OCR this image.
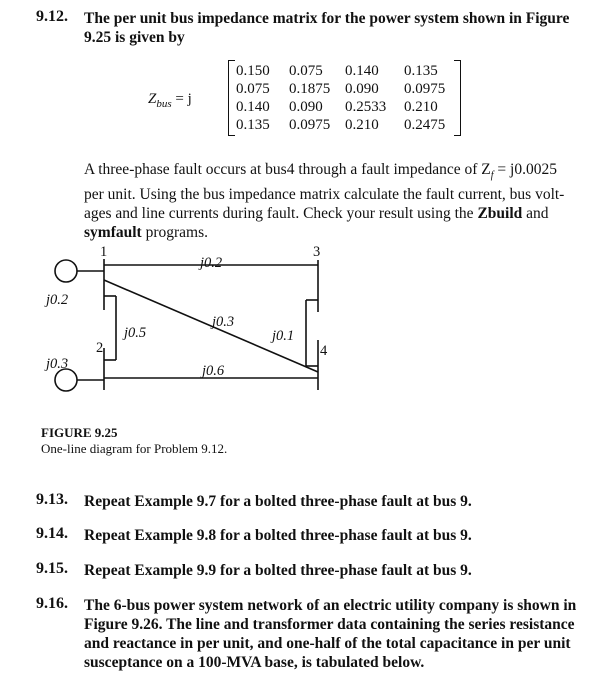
9.12. The per unit bus impedance matrix for the power system shown in Figure
9.25 is given by
$Z_{bus} = j$
0.150 0.075 0.140 0.135
0.075 0.1875 0.090 0.0975
0.140 0.090 0.2533 0.210
0.135 0.0975 0.210 0.2475
A three-phase fault occurs at bus4 through a fault impedance of $Z_f = j0.0025$
per unit. Using the bus impedance matrix calculate the fault current, bus volt-
ages and line currents during fault. Check your result using the Zbuild and
symfault programs.
1
2
3
4
j0.2
j0.3
j0.5
j0.2
j0.3
j0.6
j0.1
FIGURE 9.25
One-line diagram for Problem 9.12.
9.13. Repeat Example 9.7 for a bolted three-phase fault at bus 9.
9.14. Repeat Example 9.8 for a bolted three-phase fault at bus 9.
9.15. Repeat Example 9.9 for a bolted three-phase fault at bus 9.
9.16. The 6-bus power system network of an electric utility company is shown in
Figure 9.26. The line and transformer data containing the series resistance
and reactance in per unit, and one-half of the total capacitance in per unit
susceptance on a 100-MVA base, is tabulated below.
